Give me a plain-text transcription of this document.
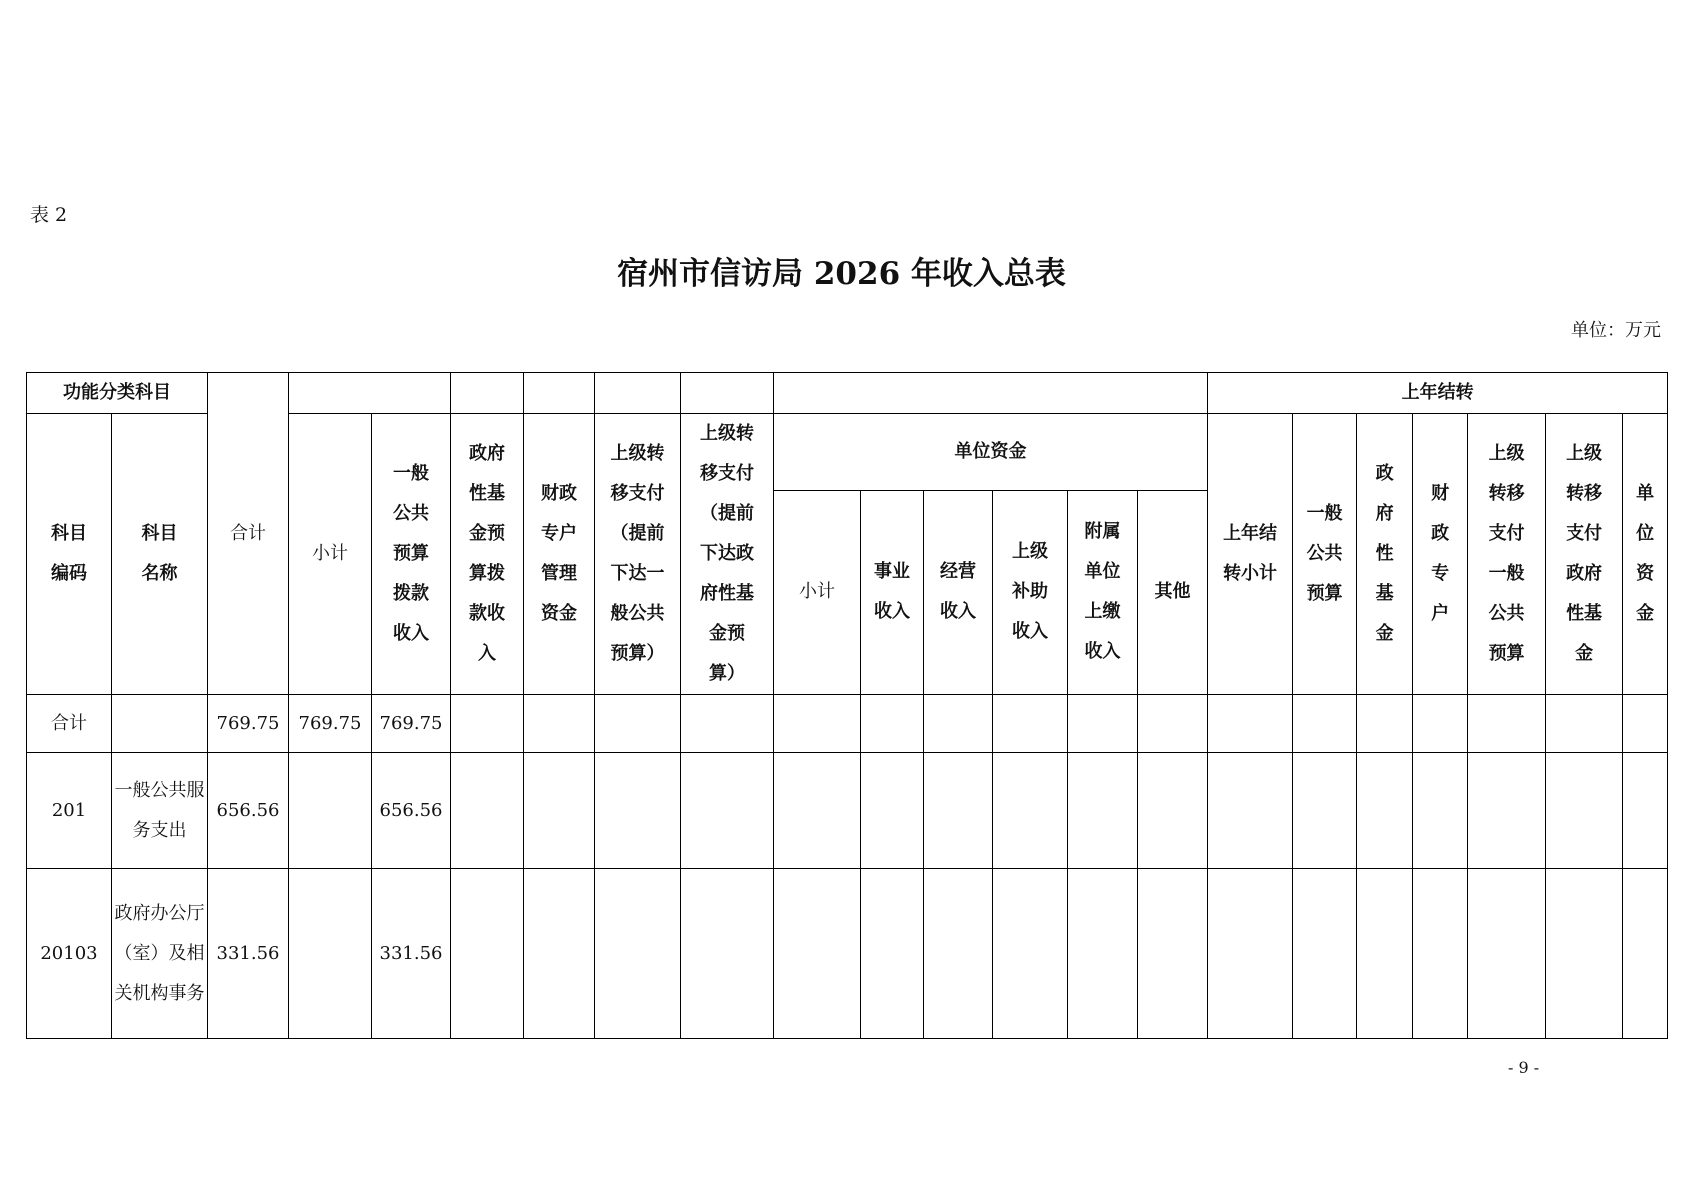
表 2
宿州市信访局 2026 年收入总表
单位：万元
功能分类科目		合计													上年结转						
科目编码	科目名称		小计	一般公共预算拨款收入	政府性基金预算拨款收入	财政专户管理资金	上级转移支付（提前下达一般公共预算）	上级转移支付（提前下达政府性基金预算）	单位资金						上年结转小计	一般公共预算	政府性基金	财政专户	上级转移支付一般公共预算	上级转移支付政府性基金	单位资金
									小计	事业收入	经营收入	上级补助收入	附属单位上缴收入	其他							
合计		769.75	769.75	769.75																	
201	一般公共服务支出	656.56		656.56																	
20103	政府办公厅（室）及相关机构事务	331.56		331.56																	
- 9 -
